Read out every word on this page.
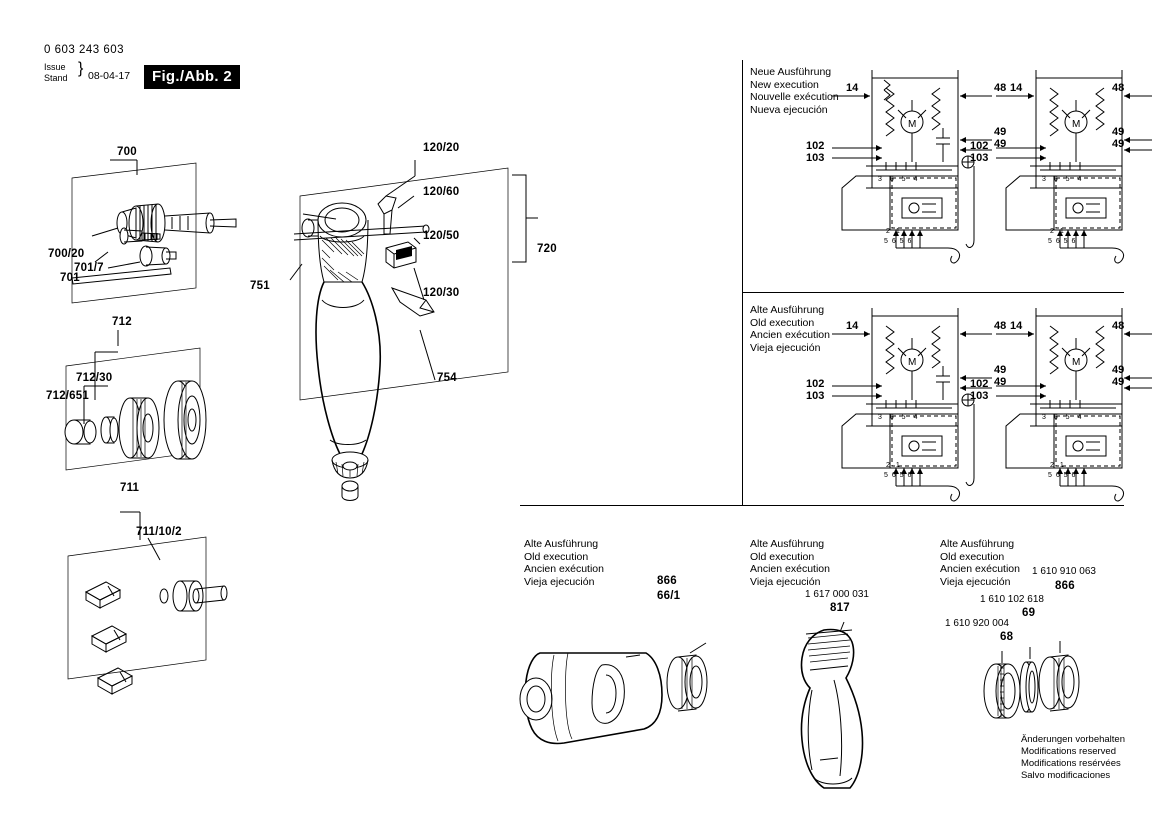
0 603 243 603
Issue
Stand
} 08-04-17	Fig./Abb. 2
M	M
M	M
700
700/20
701
701/7
712
712/30
712/651
711
711/10/2
120/20
120/60
120/50
120/30
720
751
754
Neue Ausführung
New execution
Nouvelle exécution
Nueva ejecución
Alte Ausführung
Old execution
Ancien exécution
Vieja ejecución
Alte Ausführung
Old execution
Ancien exécution
Vieja ejecución
Alte Ausführung
Old execution
Ancien exécution
Vieja ejecución
Alte Ausführung
Old execution
Ancien exécution
Vieja ejecución
14	48
49
49
102
103
3 6 5 4
2 1
5 6 5 6
14	48
49
49
102
103
3 6 5 4
2 1
5 6 5 6
14	48
49
49
102
103
3 6 5 4
2 1
5 6 5 6
14	48
49
49
102
103
3 6 5 4
2 1
5 6 5 6
866
66/1	1 617 000 031
817
1 610 910 063
866
1 610 102 618
69
1 610 920 004
68
Änderungen vorbehalten
Modifications reserved
Modifications resérvées
Salvo modificaciones
